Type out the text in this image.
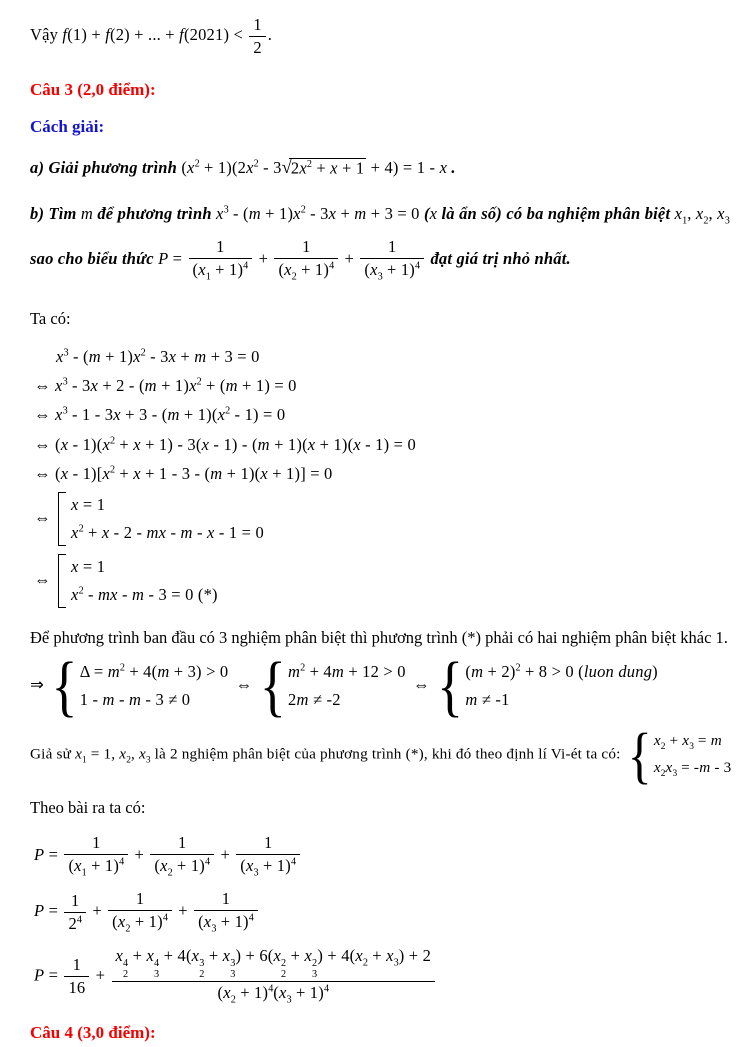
Vậy f(1) + f(2) + ... + $f(2021) < \frac{1}{2}$ .
Câu 3 (2,0 điểm):
Cách giải:
a) Giải phương trình $(x^2 + 1)(2x^2 - 3√2x^2 + x + 1 + 4) = 1 - x$ .
b) Tìm m để phương trình $x^3 - (m + 1)x^2 - 3x + m + 3 = 0$ (x là ẩn số) có ba nghiệm phân biệt $x_1$, $x_2$, $x_3$
sao cho biểu thức $P = \frac{1}{(x_1 + 1)^4} + \frac{1}{(x_2 + 1)^4} + \frac{1}{(x_3 + 1)^4}$ đạt giá trị nhỏ nhất.

Ta có:

$x^3 - (m + 1)x^2 - 3x + m + 3 = 0$
⇔ $x^3 - 3x + 2 - (m + 1)x^2 + (m + 1) = 0$
⇔ $x^3 - 1 - 3x + 3 - (m + 1)(x^2 - 1) = 0$
⇔ $(x - 1)(x^2 + x + 1) - 3(x - 1) - (m + 1)(x + 1)(x - 1) = 0$
⇔ $(x - 1)[x^2 + x + 1 - 3 - (m + 1)(x + 1)] = 0$
⇔
x = 1
$x^2 + x - 2$ - mx - m - x - 1 = 0
⇔
x = 1
$x^2$ - mx - m - 3 = 0 (*)

Để phương trình ban đầu có 3 nghiệm phân biệt thì phương trình (*) phải có hai nghiệm phân biệt khác 1.

⇒ { $\Delta = m^2 + 4(m + 3) > 0$
1 - m - m - 3 ≠ 0
⇔ { $m^2 + 4m + 12 > 0$
2m ≠ -2
⇔ { $(m + 2)^2 + 8 > 0$ (luon dung)
m ≠ -1
Giả sử $x_1 = 1$, $x_2$, $x_3$ là 2 nghiệm phân biệt của phương trình (*), khi đó theo định lí Vi-ét ta có: { $x_2 + x_3 = m$
$x_2x_3 = -m - 3$

Theo bài ra ta có:

$P = \frac{1}{(x_1 + 1)^4} + \frac{1}{(x_2 + 1)^4} + \frac{1}{(x_3 + 1)^4}$
$P = \frac{1}{2^4} + \frac{1}{(x_2 + 1)^4} + \frac{1}{(x_3 + 1)^4}$
$P = \frac{1}{16} + x$ 4
2
+ x 4
3
+ 4(x 3
2
+ x 3
3
) + 6(x 2
2
+ x 2
3
) + $4(x_2 + x_3) + 2$
$(x_2 + 1)^4(x_3 + 1)^4$
Câu 4 (3,0 điểm):
